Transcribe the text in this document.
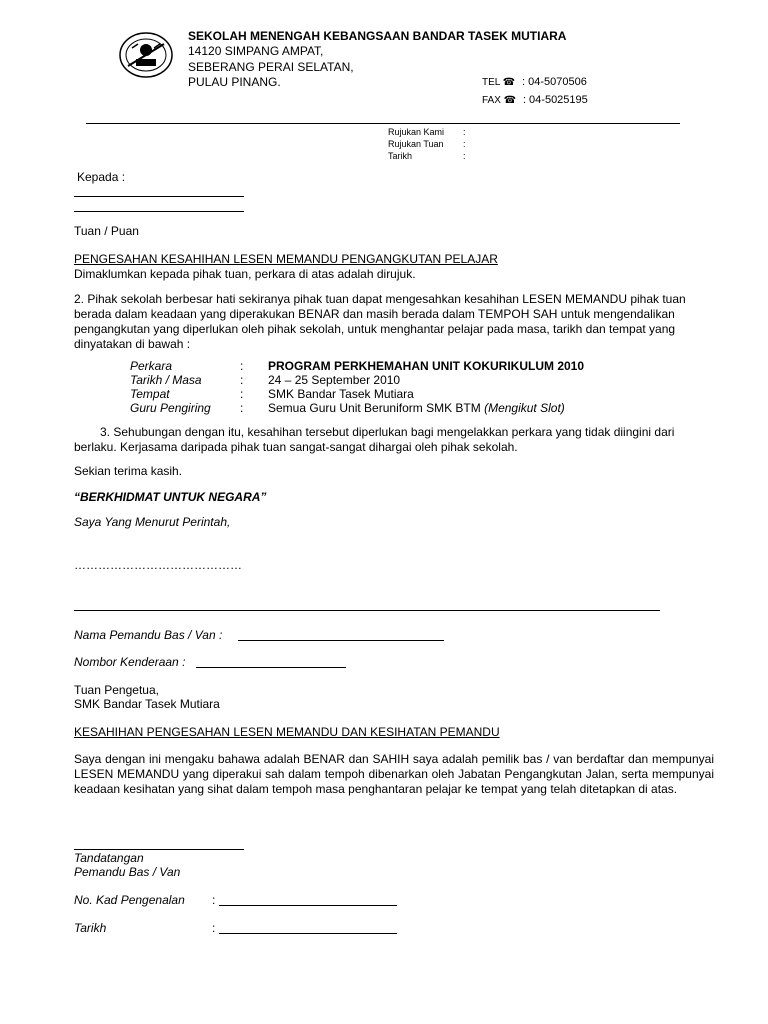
SEKOLAH MENENGAH KEBANGSAAN BANDAR TASEK MUTIARA
14120 SIMPANG AMPAT,
SEBERANG PERAI SELATAN,
PULAU PINANG.	TEL ☎ : 04-5070506
FAX ☎ : 04-5025195
Rujukan Kami :
Rujukan Tuan :
Tarikh	:
Kepada :
Tuan / Puan
PENGESAHAN KESAHIHAN LESEN MEMANDU PENGANGKUTAN PELAJAR
Dimaklumkan kepada pihak tuan, perkara di atas adalah dirujuk.
2. Pihak sekolah berbesar hati sekiranya pihak tuan dapat mengesahkan kesahihan LESEN MEMANDU pihak tuan berada dalam keadaan yang diperakukan BENAR dan masih berada dalam TEMPOH SAH untuk mengendalikan pengangkutan yang diperlukan oleh pihak sekolah, untuk menghantar pelajar pada masa, tarikh dan tempat yang dinyatakan di bawah :
Perkara	: PROGRAM PERKHEMAHAN UNIT KOKURIKULUM 2010
Tarikh / Masa	: 24 – 25 September 2010
Tempat	: SMK Bandar Tasek Mutiara
Guru Pengiring : Semua Guru Unit Beruniform SMK BTM (Mengikut Slot)
3. Sehubungan dengan itu, kesahihan tersebut diperlukan bagi mengelakkan perkara yang tidak diingini dari berlaku. Kerjasama daripada pihak tuan sangat-sangat dihargai oleh pihak sekolah.
Sekian terima kasih.
“BERKHIDMAT UNTUK NEGARA”
Saya Yang Menurut Perintah,
……………………………………
Nama Pemandu Bas / Van :
Nombor Kenderaan :
Tuan Pengetua,
SMK Bandar Tasek Mutiara
KESAHIHAN PENGESAHAN LESEN MEMANDU DAN KESIHATAN PEMANDU
Saya dengan ini mengaku bahawa adalah BENAR dan SAHIH saya adalah pemilik bas / van berdaftar dan mempunyai LESEN MEMANDU yang diperakui sah dalam tempoh dibenarkan oleh Jabatan Pengangkutan Jalan, serta mempunyai keadaan kesihatan yang sihat dalam tempoh masa penghantaran pelajar ke tempat yang telah ditetapkan di atas.
Tandatangan
Pemandu Bas / Van
No. Kad Pengenalan :
Tarikh	:
